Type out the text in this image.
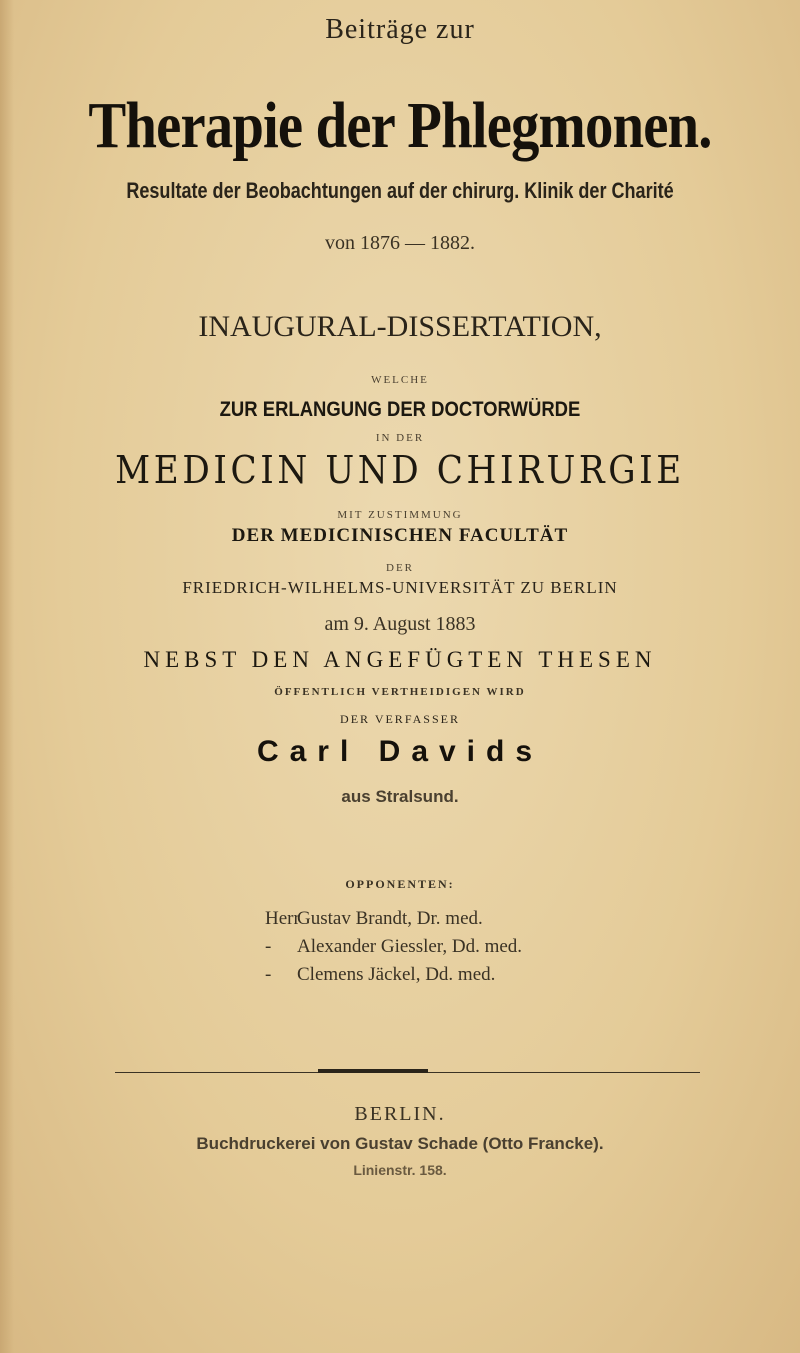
Beiträge zur
Therapie der Phlegmonen.
Resultate der Beobachtungen auf der chirurg. Klinik der Charité
von 1876 — 1882.
INAUGURAL-DISSERTATION,
WELCHE
ZUR ERLANGUNG DER DOCTORWÜRDE
IN DER
MEDICIN UND CHIRURGIE
MIT ZUSTIMMUNG
DER MEDICINISCHEN FACULTÄT
DER
FRIEDRICH-WILHELMS-UNIVERSITÄT ZU BERLIN
am 9. August 1883
NEBST DEN ANGEFÜGTEN THESEN
ÖFFENTLICH VERTHEIDIGEN WIRD
DER VERFASSER
Carl Davids
aus Stralsund.
OPPONENTEN:
HerrGustav Brandt, Dr. med.
- Alexander Giessler, Dd. med.
- Clemens Jäckel, Dd. med.
BERLIN.
Buchdruckerei von Gustav Schade (Otto Francke).
Linienstr. 158.
